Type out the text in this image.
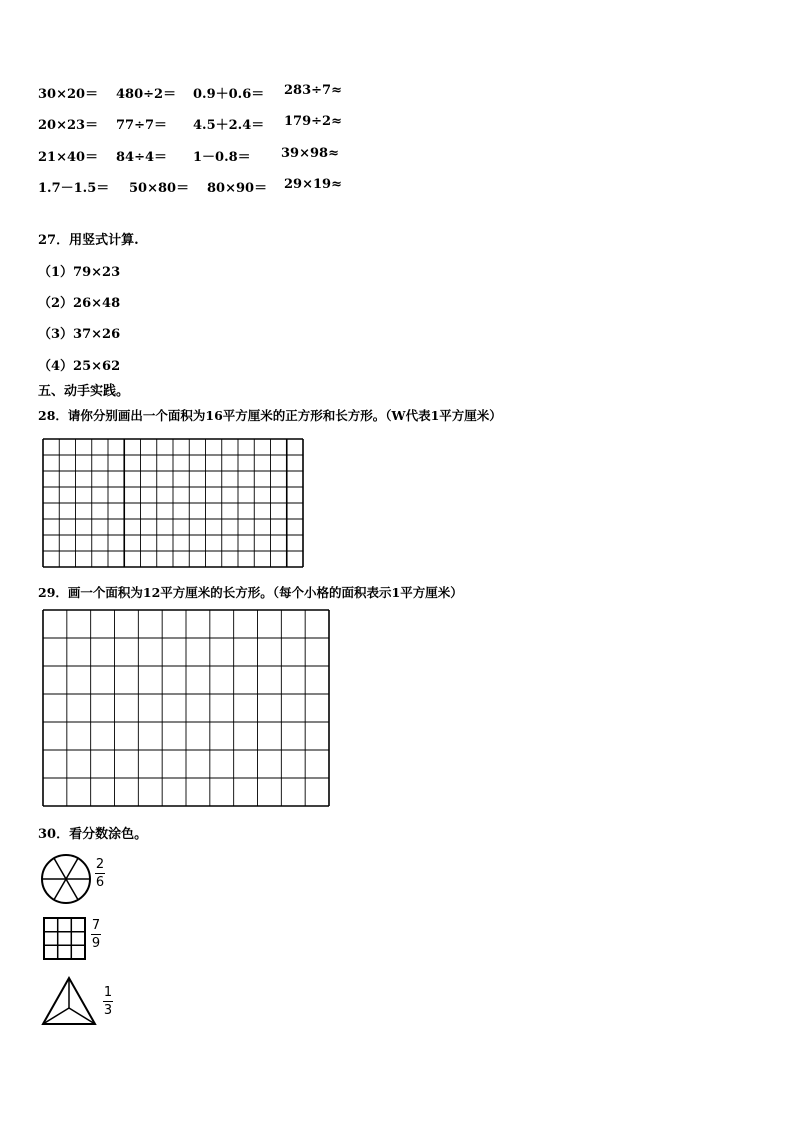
30×20＝ 480÷2＝ 0.9＋0.6＝ 283÷7≈
20×23＝ 77÷7＝ 4.5＋2.4＝ 179÷2≈
21×40＝ 84÷4＝ 1－0.8＝ 39×98≈
1.7－1.5＝ 50×80＝ 80×90＝ 29×19≈
27．用竖式计算.
（1）79×23
（2）26×48
（3）37×26
（4）25×62
五、动手实践。
28．请你分别画出一个面积为16平方厘米的正方形和长方形。（W代表1平方厘米）
29．画一个面积为12平方厘米的长方形。（每个小格的面积表示1平方厘米）
30．看分数涂色。
2
6
7
9
1
3
